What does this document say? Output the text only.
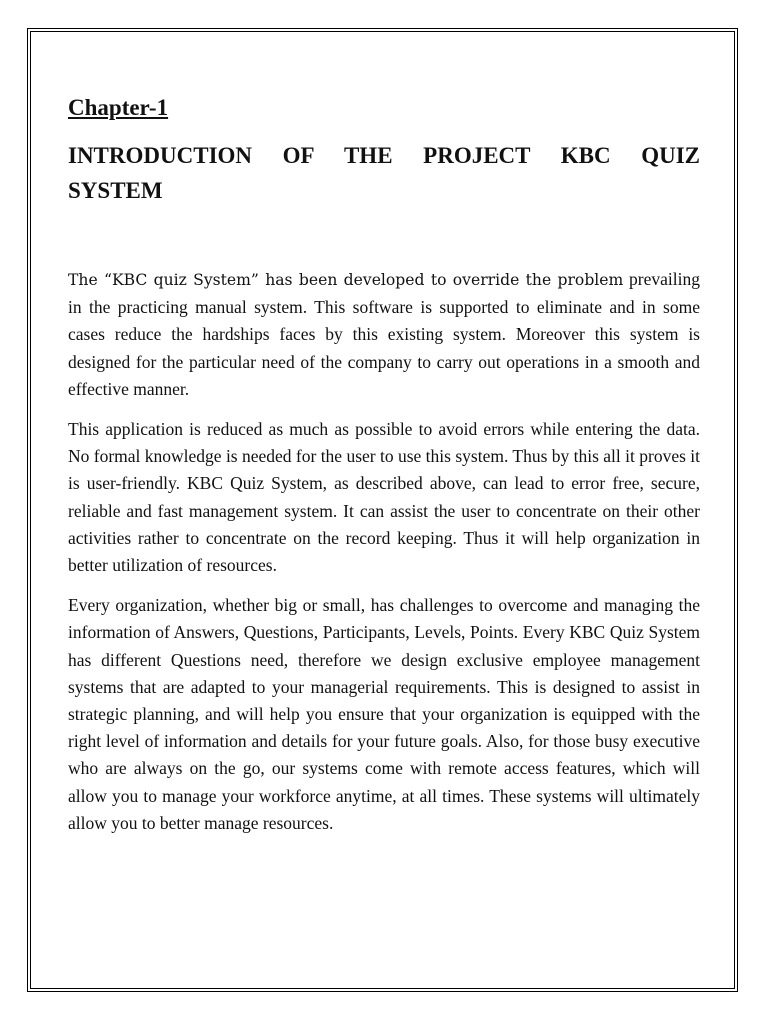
Chapter-1
INTRODUCTION OF THE PROJECT KBC QUIZ
SYSTEM

The “KBC quiz System” has been developed to override the problem prevailing in the practicing manual system. This software is supported to eliminate and in some cases reduce the hardships faces by this existing system. Moreover this system is designed for the particular need of the company to carry out operations in a smooth and effective manner.

This application is reduced as much as possible to avoid errors while entering the data. No formal knowledge is needed for the user to use this system. Thus by this all it proves it is user-friendly. KBC Quiz System, as described above, can lead to error free, secure, reliable and fast management system. It can assist the user to concentrate on their other activities rather to concentrate on the record keeping. Thus it will help organization in better utilization of resources.

Every organization, whether big or small, has challenges to overcome and managing the information of Answers, Questions, Participants, Levels, Points. Every KBC Quiz System has different Questions need, therefore we design exclusive employee management systems that are adapted to your managerial requirements. This is designed to assist in strategic planning, and will help you ensure that your organization is equipped with the right level of information and details for your future goals. Also, for those busy executive who are always on the go, our systems come with remote access features, which will allow you to manage your workforce anytime, at all times. These systems will ultimately allow you to better manage resources.
